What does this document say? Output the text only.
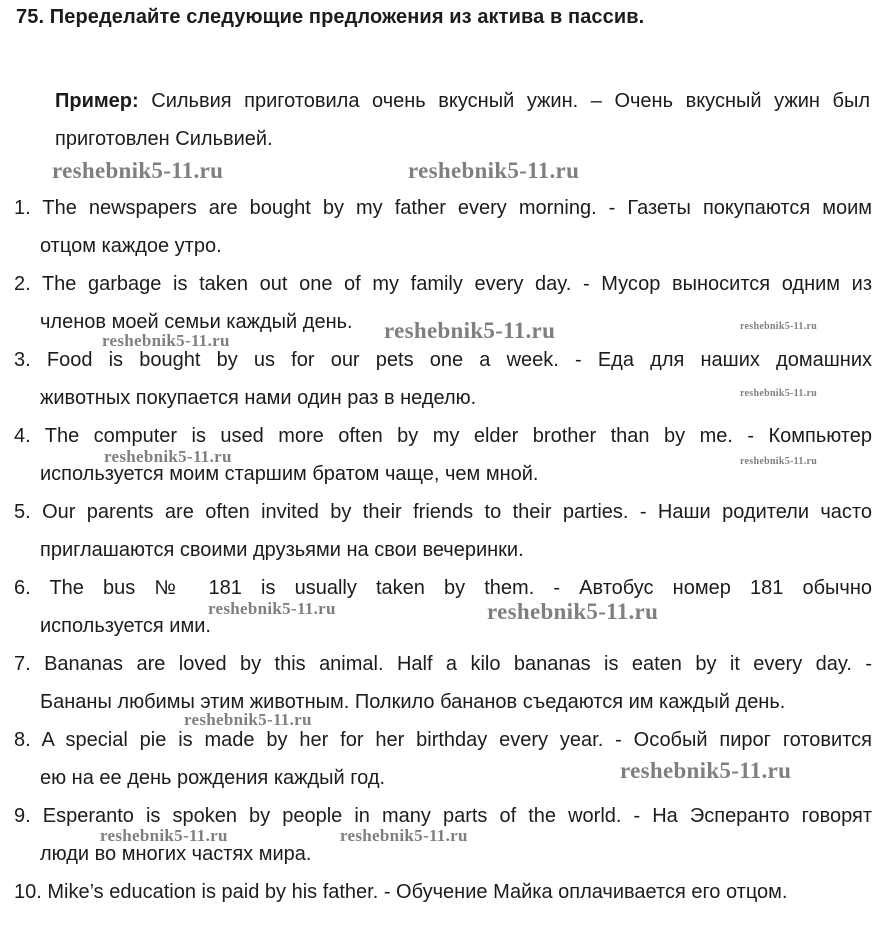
75. Переделайте следующие предложения из актива в пассив.
Пример: Сильвия приготовила очень вкусный ужин. – Очень вкусный ужин был приготовлен Сильвией.
1. The newspapers are bought by my father every morning. - Газеты покупаются моим
отцом каждое утро.
2. The garbage is taken out one of my family every day. - Мусор выносится одним из
членов моей семьи каждый день.
3. Food is bought by us for our pets one a week. - Еда для наших домашних
животных покупается нами один раз в неделю.
4. The computer is used more often by my elder brother than by me. - Компьютер
используется моим старшим братом чаще, чем мной.
5. Our parents are often invited by their friends to their parties. - Наши родители часто
приглашаются своими друзьями на свои вечеринки.
6. The bus № 181 is usually taken by them. - Автобус номер 181 обычно
используется ими.
7. Bananas are loved by this animal. Half a kilo bananas is eaten by it every day. -
Бананы любимы этим животным. Полкило бананов съедаются им каждый день.
8. A special pie is made by her for her birthday every year. - Особый пирог готовится
ею на ее день рождения каждый год.
9. Esperanto is spoken by people in many parts of the world. - На Эсперанто говорят
люди во многих частях мира.
10. Mike’s education is paid by his father. - Обучение Майка оплачивается его отцом.
reshebnik5-11.ru	reshebnik5-11.ru
reshebnik5-11.ru
reshebnik5-11.ru
reshebnik5-11.ru
reshebnik5-11.ru
reshebnik5-11.ru	reshebnik5-11.ru
reshebnik5-11.ru	reshebnik5-11.ru
reshebnik5-11.ru
reshebnik5-11.ru
reshebnik5-11.ru	reshebnik5-11.ru
